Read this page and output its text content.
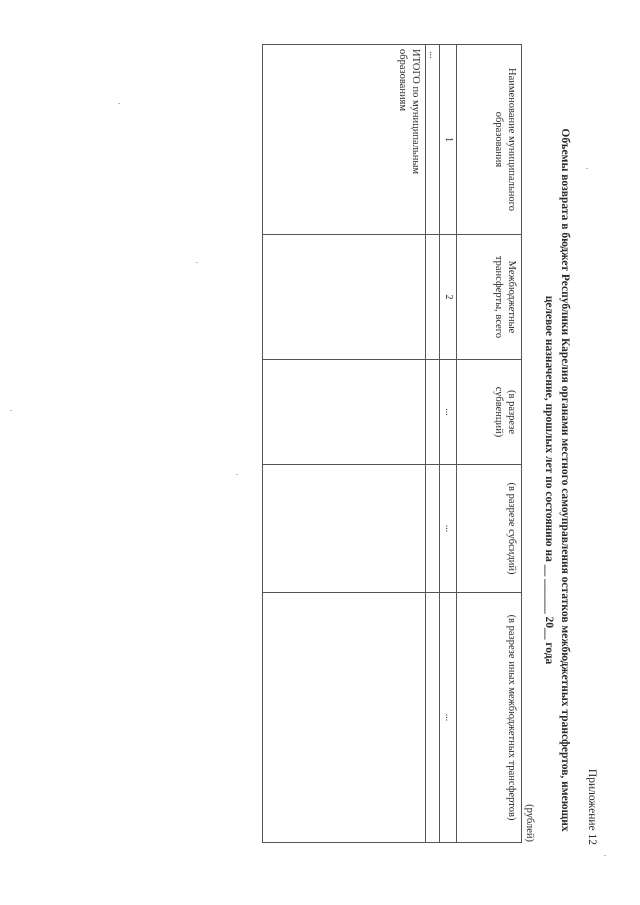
Приложение 12
Объемы возврата в бюджет Республики Карелия органами местного самоуправления остатков межбюджетных трансфертов, имеющих
целевое назначение, прошлых лет по состоянию на __ ______ 20__ года
(рублей)
Наименование муниципального образования	Межбюджетные трансферты, всего	(в разрезе субвенций)	(в разрезе субсидий)	(в разрезе иных межбюджетных трансфертов)
1	2	...	...	...
...				
ИТОГО по муниципальным образованиям				
